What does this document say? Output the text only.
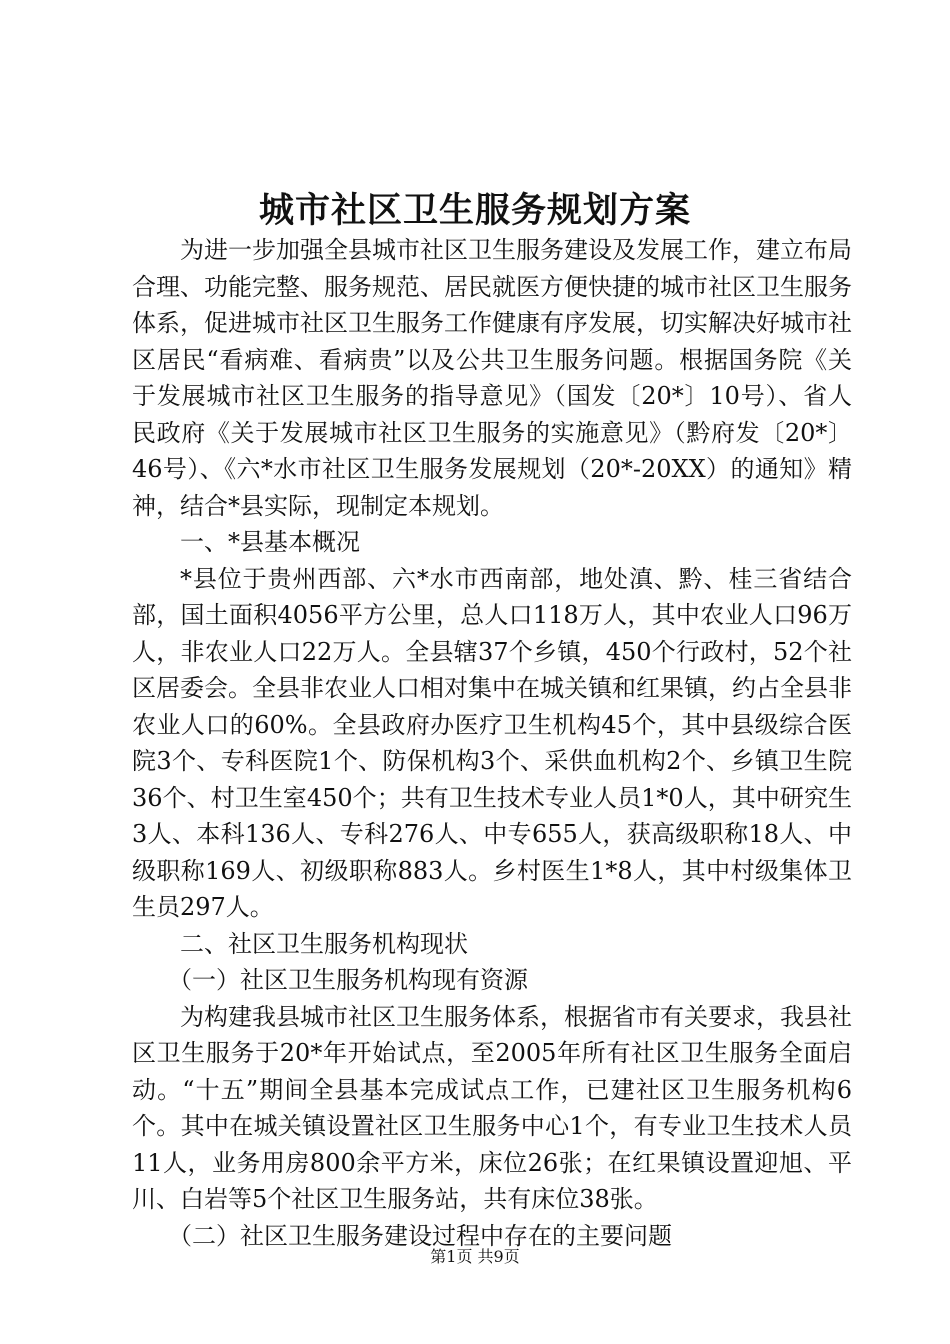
城市社区卫生服务规划方案

为进一步加强全县城市社区卫生服务建设及发展工作，建立布局合理、功能完整、服务规范、居民就医方便快捷的城市社区卫生服务体系，促进城市社区卫生服务工作健康有序发展，切实解决好城市社区居民“看病难、看病贵”以及公共卫生服务问题。根据国务院《关于发展城市社区卫生服务的指导意见》（国发〔20*〕10号）、省人民政府《关于发展城市社区卫生服务的实施意见》（黔府发〔20*〕46号）、《六*水市社区卫生服务发展规划（20*-20XX）的通知》精神，结合*县实际，现制定本规划。

一、*县基本概况

*县位于贵州西部、六*水市西南部，地处滇、黔、桂三省结合部，国土面积4056平方公里，总人口118万人，其中农业人口96万人，非农业人口22万人。全县辖37个乡镇，450个行政村，52个社区居委会。全县非农业人口相对集中在城关镇和红果镇，约占全县非农业人口的60%。全县政府办医疗卫生机构45个，其中县级综合医院3个、专科医院1个、防保机构3个、采供血机构2个、乡镇卫生院36个、村卫生室450个；共有卫生技术专业人员1*0人，其中研究生3人、本科136人、专科276人、中专655人，获高级职称18人、中级职称169人、初级职称883人。乡村医生1*8人，其中村级集体卫生员297人。

二、社区卫生服务机构现状

（一）社区卫生服务机构现有资源

为构建我县城市社区卫生服务体系，根据省市有关要求，我县社区卫生服务于20*年开始试点，至2005年所有社区卫生服务全面启动。“十五”期间全县基本完成试点工作，已建社区卫生服务机构6个。其中在城关镇设置社区卫生服务中心1个，有专业卫生技术人员11人，业务用房800余平方米，床位26张；在红果镇设置迎旭、平川、白岩等5个社区卫生服务站，共有床位38张。

（二）社区卫生服务建设过程中存在的主要问题

第1页 共9页
